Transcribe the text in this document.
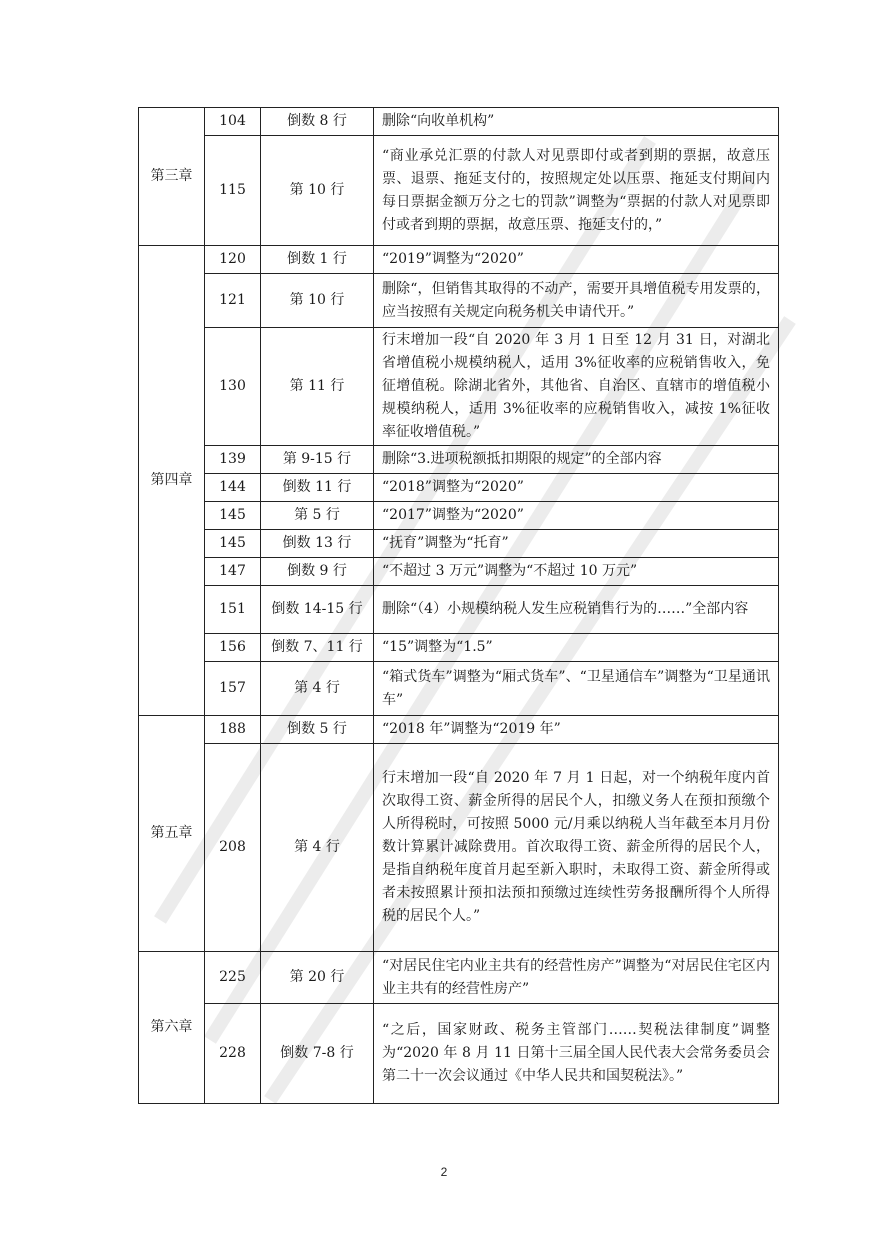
第三章	104	倒数 8 行	删除“向收单机构”
	115	第 10 行	“商业承兑汇票的付款人对见票即付或者到期的票据，故意压票、退票、拖延支付的，按照规定处以压票、拖延支付期间内每日票据金额万分之七的罚款”调整为“票据的付款人对见票即付或者到期的票据，故意压票、拖延支付的，”
第四章	120	倒数 1 行	“2019”调整为“2020”
	121	第 10 行	删除“，但销售其取得的不动产，需要开具增值税专用发票的，应当按照有关规定向税务机关申请代开。”
	130	第 11 行	行末增加一段“自 2020 年 3 月 1 日至 12 月 31 日，对湖北省增值税小规模纳税人，适用 3%征收率的应税销售收入，免征增值税。除湖北省外，其他省、自治区、直辖市的增值税小规模纳税人，适用 3%征收率的应税销售收入，减按 1%征收率征收增值税。”
	139	第 9-15 行	删除“3.进项税额抵扣期限的规定”的全部内容
	144	倒数 11 行	“2018”调整为“2020”
	145	第 5 行	“2017”调整为“2020”
	145	倒数 13 行	“抚育”调整为“托育”
	147	倒数 9 行	“不超过 3 万元”调整为“不超过 10 万元”
	151	倒数 14-15 行	删除“（4）小规模纳税人发生应税销售行为的……”全部内容
	156	倒数 7、11 行	“15”调整为“1.5”
	157	第 4 行	“箱式货车”调整为“厢式货车”、“卫星通信车”调整为“卫星通讯车”
第五章	188	倒数 5 行	“2018 年”调整为“2019 年”
	208	第 4 行	行末增加一段“自 2020 年 7 月 1 日起，对一个纳税年度内首次取得工资、薪金所得的居民个人，扣缴义务人在预扣预缴个人所得税时，可按照 5000 元/月乘以纳税人当年截至本月月份数计算累计减除费用。首次取得工资、薪金所得的居民个人，是指自纳税年度首月起至新入职时，未取得工资、薪金所得或者未按照累计预扣法预扣预缴过连续性劳务报酬所得个人所得税的居民个人。”
第六章	225	第 20 行	“对居民住宅内业主共有的经营性房产”调整为“对居民住宅区内业主共有的经营性房产”
	228	倒数 7-8 行	“之后，国家财政、税务主管部门……契税法律制度”调整为“2020 年 8 月 11 日第十三届全国人民代表大会常务委员会第二十一次会议通过《中华人民共和国契税法》。”
2
